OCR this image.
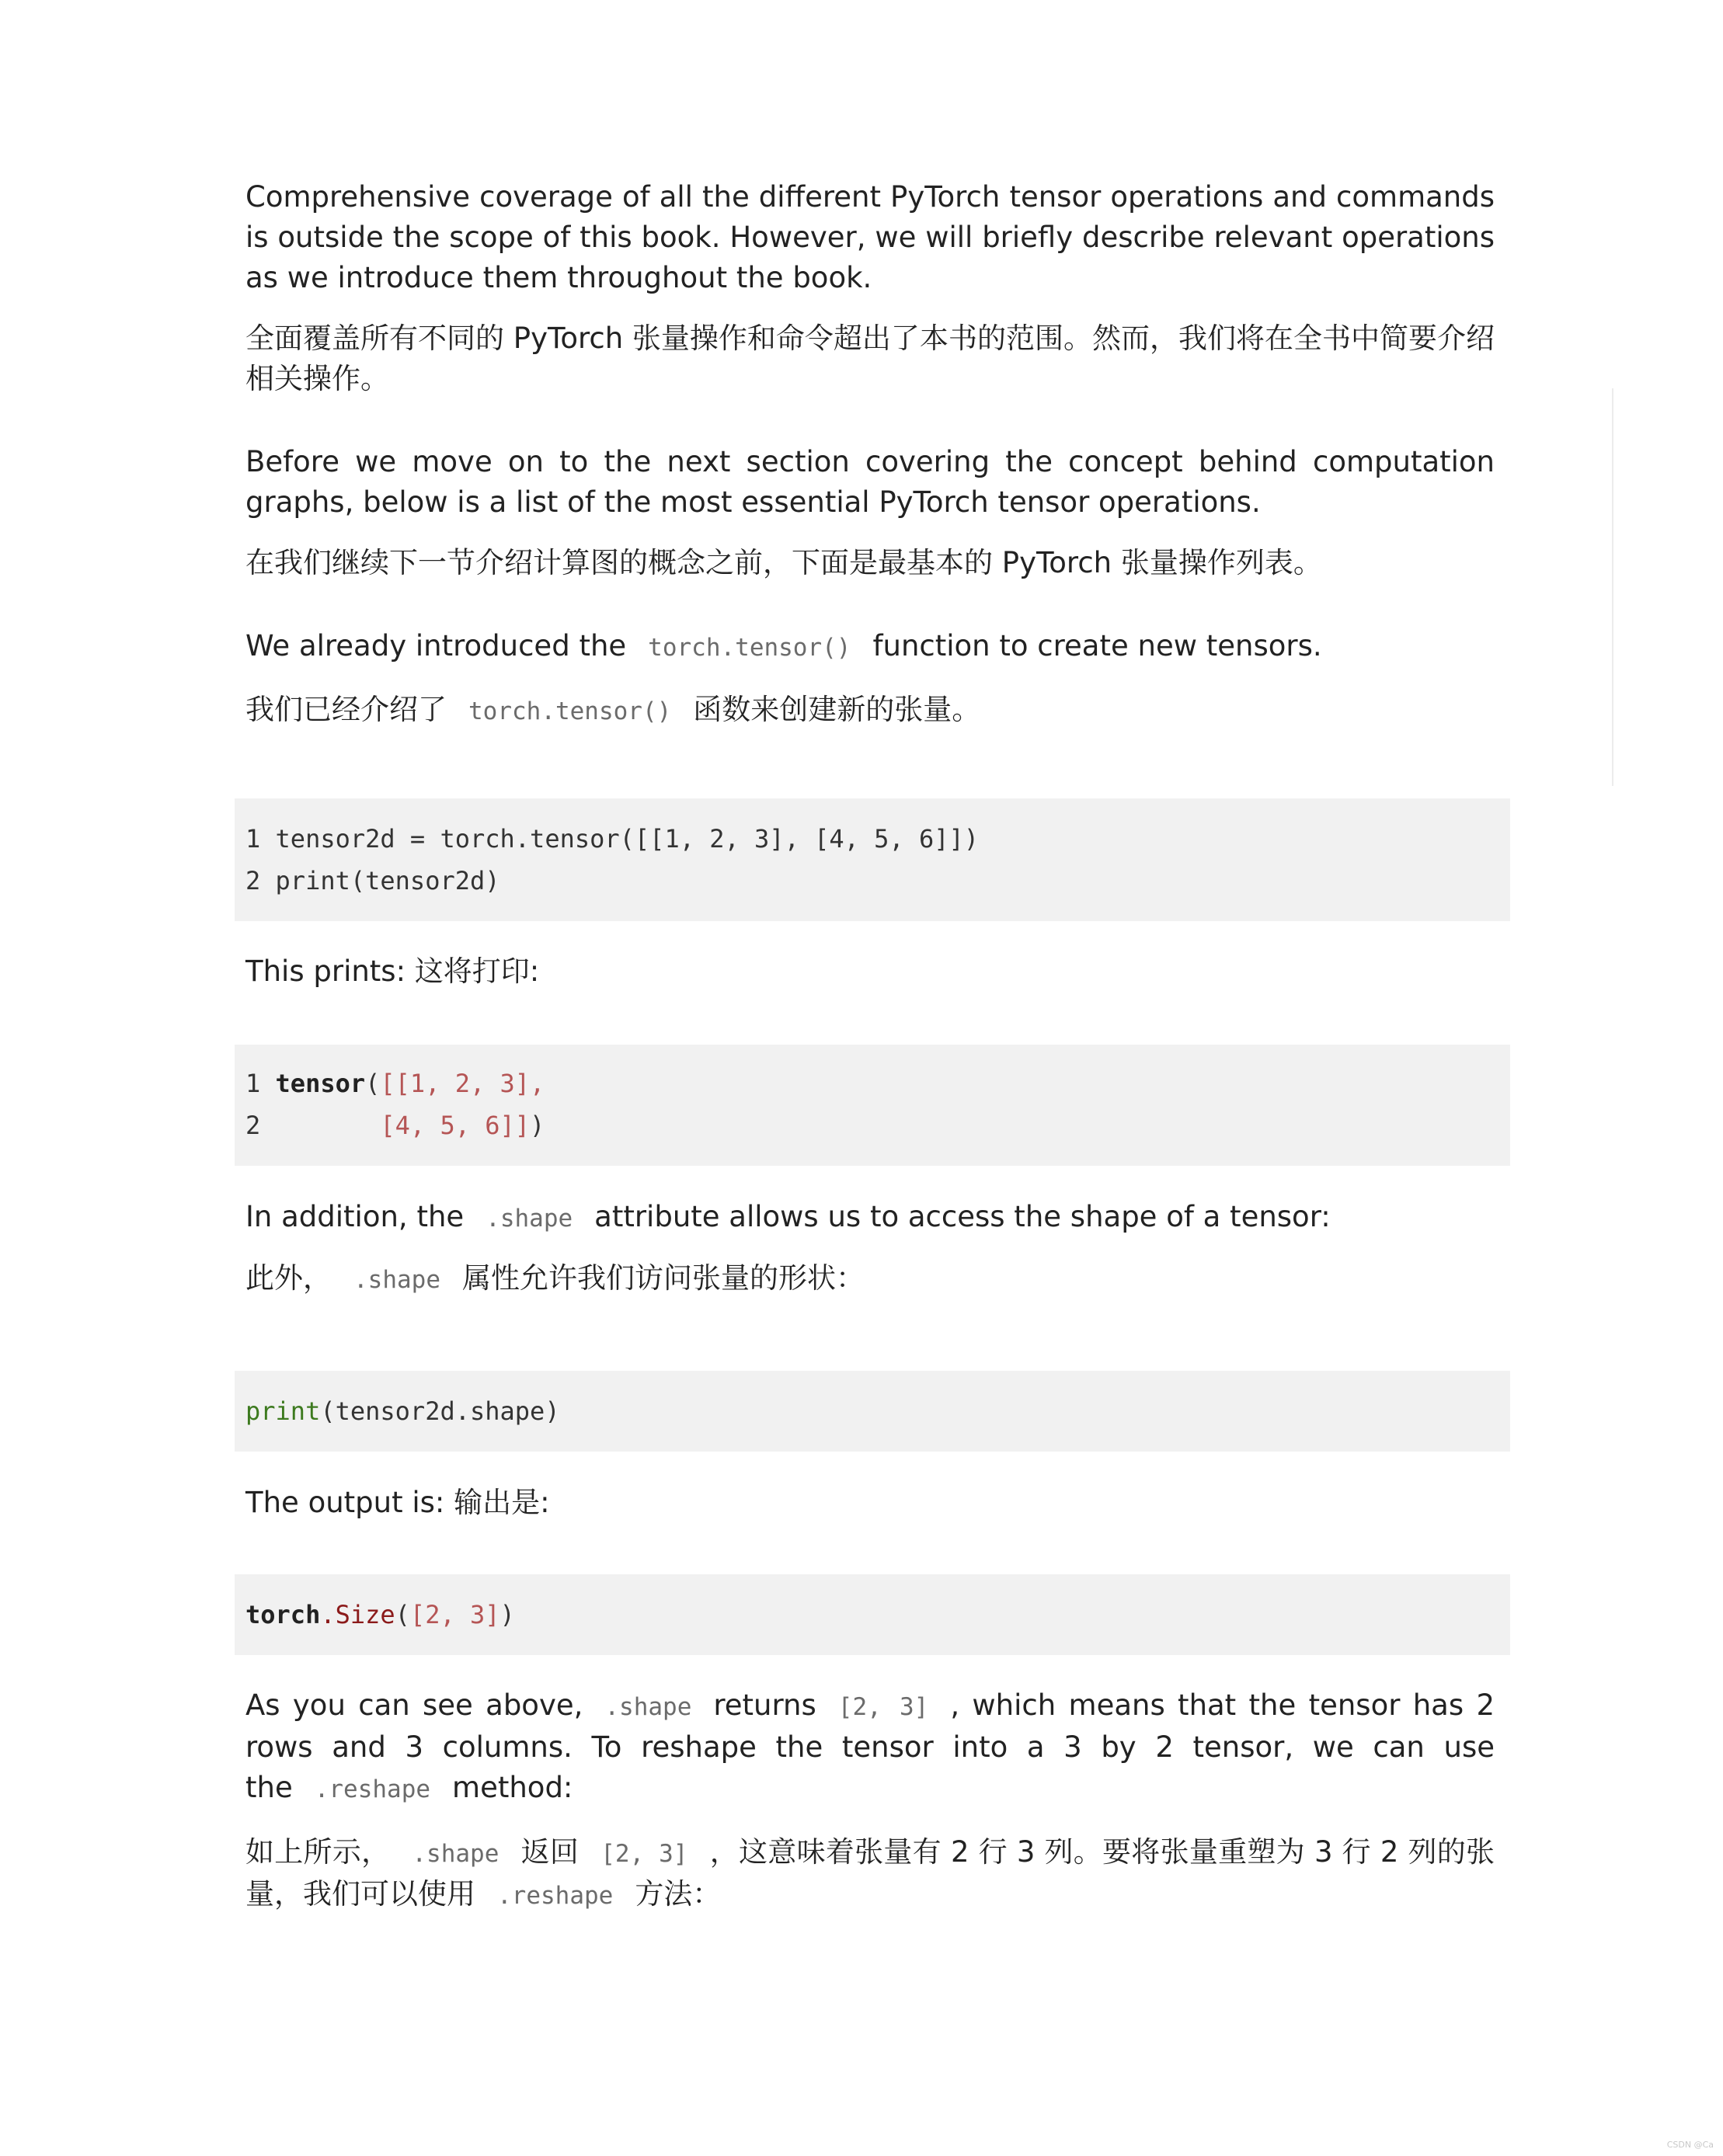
Comprehensive coverage of all the different PyTorch tensor operations and commands is outside the scope of this book. However, we will briefly describe relevant operations as we introduce them throughout the book.

全面覆盖所有不同的 PyTorch 张量操作和命令超出了本书的范围。然而，我们将在全书中简要介绍相关操作。

Before we move on to the next section covering the concept behind computation graphs, below is a list of the most essential PyTorch tensor operations.

在我们继续下一节介绍计算图的概念之前，下面是最基本的 PyTorch 张量操作列表。

We already introduced the torch.tensor() function to create new tensors.

我们已经介绍了 torch.tensor() 函数来创建新的张量。

1 tensor2d = torch.tensor([[1, 2, 3], [4, 5, 6]])
2 print(tensor2d)

This prints: 这将打印:

1 tensor([[1, 2, 3],
2	[4, 5, 6]])

In addition, the .shape attribute allows us to access the shape of a tensor:

此外， .shape 属性允许我们访问张量的形状：

print(tensor2d.shape)

The output is: 输出是:

torch.Size([2, 3])

As you can see above, .shape returns [2, 3] , which means that the tensor has 2 rows and 3 columns. To reshape the tensor into a 3 by 2 tensor, we can use the .reshape method:

如上所示， .shape 返回 [2, 3] ，这意味着张量有 2 行 3 列。要将张量重塑为 3 行 2 列的张量，我们可以使用 .reshape 方法：

CSDN @Ca
